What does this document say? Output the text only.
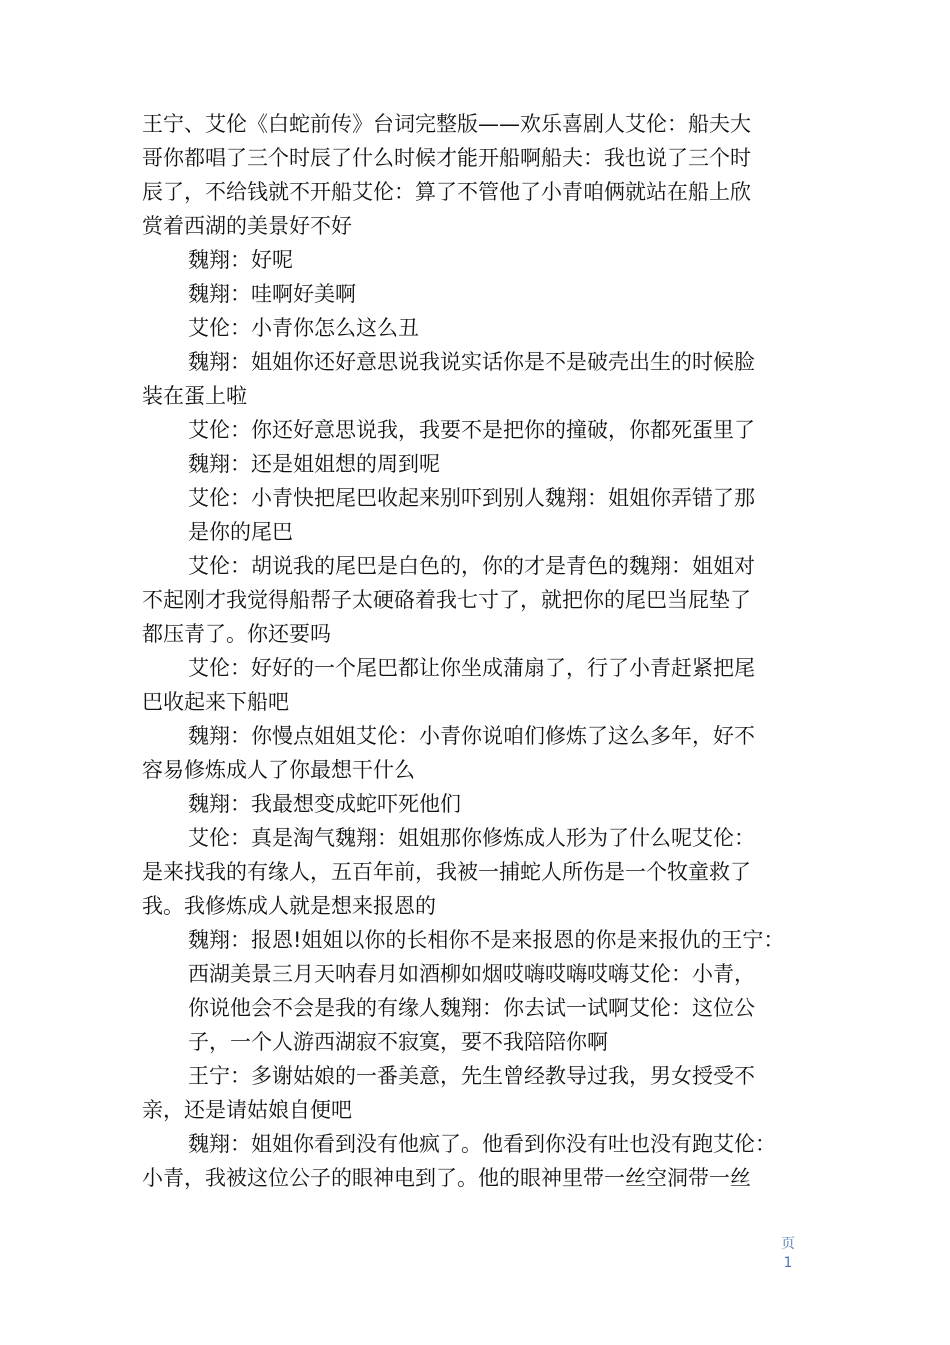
王宁、艾伦《白蛇前传》台词完整版——欢乐喜剧人艾伦：船夫大
哥你都唱了三个时辰了什么时候才能开船啊船夫：我也说了三个时
辰了，不给钱就不开船艾伦：算了不管他了小青咱俩就站在船上欣
赏着西湖的美景好不好
魏翔：好呢
魏翔：哇啊好美啊
艾伦：小青你怎么这么丑
魏翔：姐姐你还好意思说我说实话你是不是破壳出生的时候脸
装在蛋上啦
艾伦：你还好意思说我，我要不是把你的撞破，你都死蛋里了
魏翔：还是姐姐想的周到呢
艾伦：小青快把尾巴收起来别吓到别人魏翔：姐姐你弄错了那
是你的尾巴
艾伦：胡说我的尾巴是白色的，你的才是青色的魏翔：姐姐对
不起刚才我觉得船帮子太硬硌着我七寸了，就把你的尾巴当屁垫了
都压青了。你还要吗
艾伦：好好的一个尾巴都让你坐成蒲扇了，行了小青赶紧把尾
巴收起来下船吧
魏翔：你慢点姐姐艾伦：小青你说咱们修炼了这么多年，好不
容易修炼成人了你最想干什么
魏翔：我最想变成蛇吓死他们
艾伦：真是淘气魏翔：姐姐那你修炼成人形为了什么呢艾伦：
是来找我的有缘人，五百年前，我被一捕蛇人所伤是一个牧童救了
我。我修炼成人就是想来报恩的
魏翔：报恩!姐姐以你的长相你不是来报恩的你是来报仇的王宁：
西湖美景三月天呐春月如酒柳如烟哎嗨哎嗨哎嗨艾伦：小青，
你说他会不会是我的有缘人魏翔：你去试一试啊艾伦：这位公
子，一个人游西湖寂不寂寞，要不我陪陪你啊
王宁：多谢姑娘的一番美意，先生曾经教导过我，男女授受不
亲，还是请姑娘自便吧
魏翔：姐姐你看到没有他疯了。他看到你没有吐也没有跑艾伦：
小青，我被这位公子的眼神电到了。他的眼神里带一丝空洞带一丝
页
1
